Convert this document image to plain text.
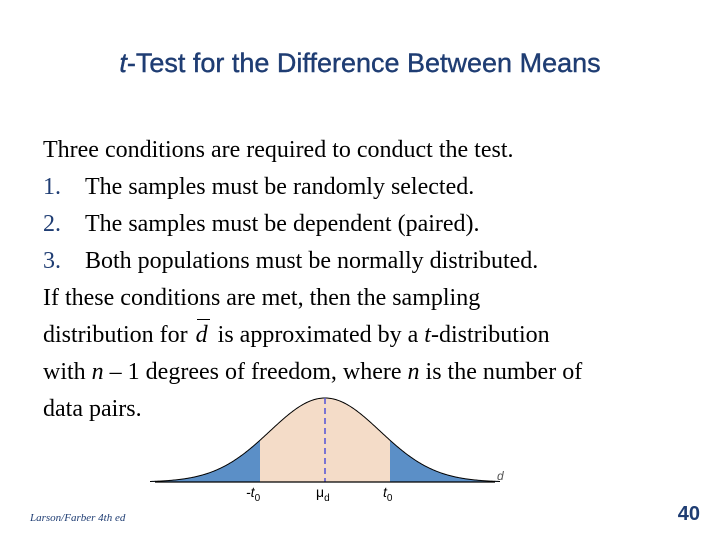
t-Test for the Difference Between Means
Three conditions are required to conduct the test.
1. The samples must be randomly selected.
2. The samples must be dependent (paired).
3. Both populations must be normally distributed.
If these conditions are met, then the sampling
distribution for d is approximated by a t-distribution
with n – 1 degrees of freedom, where n is the number of
data pairs.
$-t_0$	$\mu_d$	$t_0$
d
Larson/Farber 4th ed	40
